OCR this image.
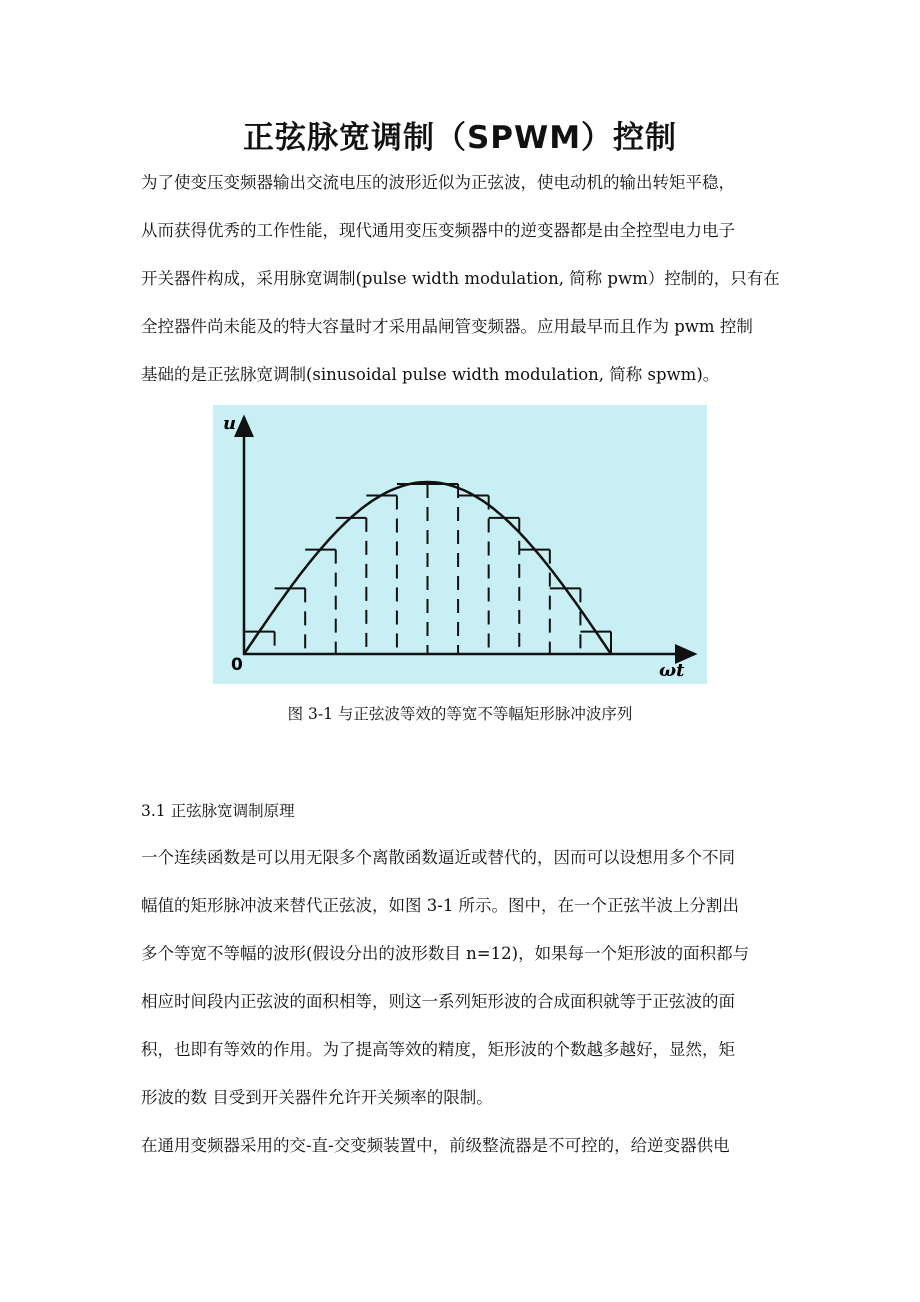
正弦脉宽调制（SPWM）控制
为了使变压变频器输出交流电压的波形近似为正弦波，使电动机的输出转矩平稳，
从而获得优秀的工作性能，现代通用变压变频器中的逆变器都是由全控型电力电子
开关器件构成，采用脉宽调制(pulse width modulation, 简称 pwm）控制的，只有在
全控器件尚未能及的特大容量时才采用晶闸管变频器。应用最早而且作为 pwm 控制
基础的是正弦脉宽调制(sinusoidal pulse width modulation, 简称 spwm)。
u
ωt
0
图 3-1 与正弦波等效的等宽不等幅矩形脉冲波序列
3.1 正弦脉宽调制原理
一个连续函数是可以用无限多个离散函数逼近或替代的，因而可以设想用多个不同
幅值的矩形脉冲波来替代正弦波，如图 3-1 所示。图中，在一个正弦半波上分割出
多个等宽不等幅的波形(假设分出的波形数目 n=12)，如果每一个矩形波的面积都与
相应时间段内正弦波的面积相等，则这一系列矩形波的合成面积就等于正弦波的面
积，也即有等效的作用。为了提高等效的精度，矩形波的个数越多越好，显然，矩
形波的数 目受到开关器件允许开关频率的限制。
在通用变频器采用的交-直-交变频装置中，前级整流器是不可控的，给逆变器供电
